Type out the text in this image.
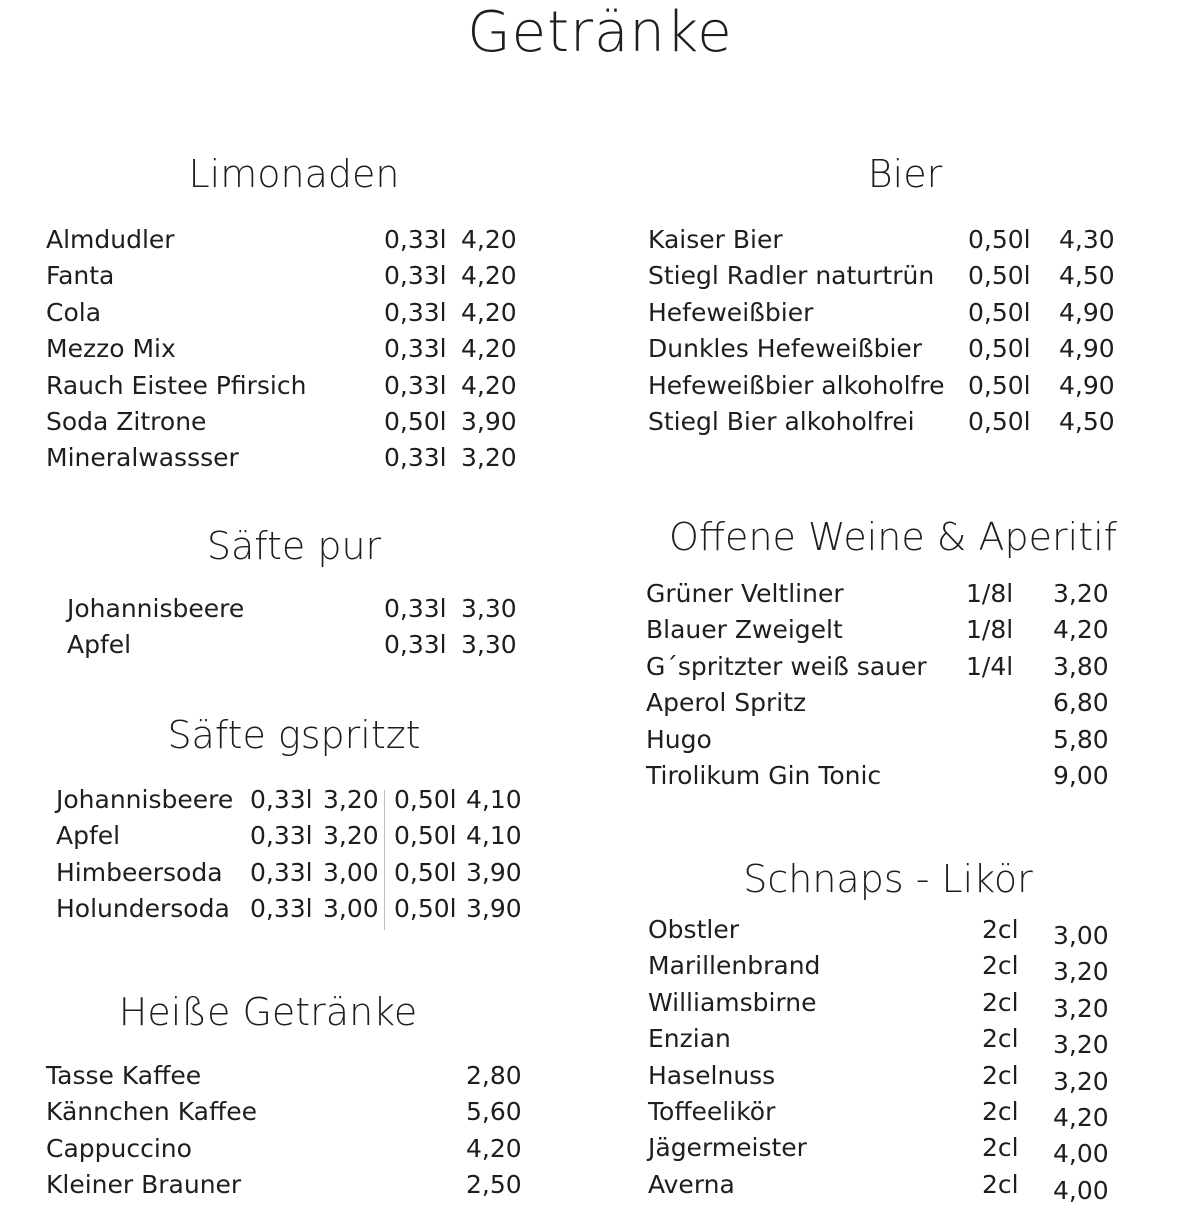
Getränke
Limonaden
Almdudler	0,33l 4,20
Fanta	0,33l 4,20
Cola	0,33l 4,20
Mezzo Mix	0,33l 4,20
Rauch Eistee Pfirsich	0,33l 4,20
Soda Zitrone	0,50l 3,90
Mineralwassser	0,33l 3,20
Säfte pur
Johannisbeere	0,33l 3,30
Apfel	0,33l 3,30
Säfte gspritzt
Johannisbeere 0,33l 3,20 0,50l 4,10
Apfel	0,33l 3,20 0,50l 4,10
Himbeersoda 0,33l 3,00 0,50l 3,90
Holundersoda 0,33l 3,00 0,50l 3,90
Heiße Getränke
Tasse Kaffee	2,80
Kännchen Kaffee	5,60
Cappuccino	4,20
Kleiner Brauner	2,50
Bier
Kaiser Bier	0,50l 4,30
Stiegl Radler naturtrün 0,50l 4,50
Hefeweißbier	0,50l 4,90
Dunkles Hefeweißbier 0,50l 4,90
Hefeweißbier alkoholfre 0,50l 4,90
Stiegl Bier alkoholfrei 0,50l 4,50
Offene Weine & Aperitif
Grüner Veltliner	1/8l 3,20
Blauer Zweigelt	1/8l 4,20
G´spritzter weiß sauer 1/4l 3,80
Aperol Spritz	6,80
Hugo	5,80
Tirolikum Gin Tonic	9,00
Schnaps - Likör
Obstler	2cl 3,00
Marillenbrand	2cl 3,20
Williamsbirne	2cl 3,20
Enzian	2cl 3,20
Haselnuss	2cl 3,20
Toffeelikör	2cl 4,20
Jägermeister	2cl 4,00
Averna	2cl 4,00
